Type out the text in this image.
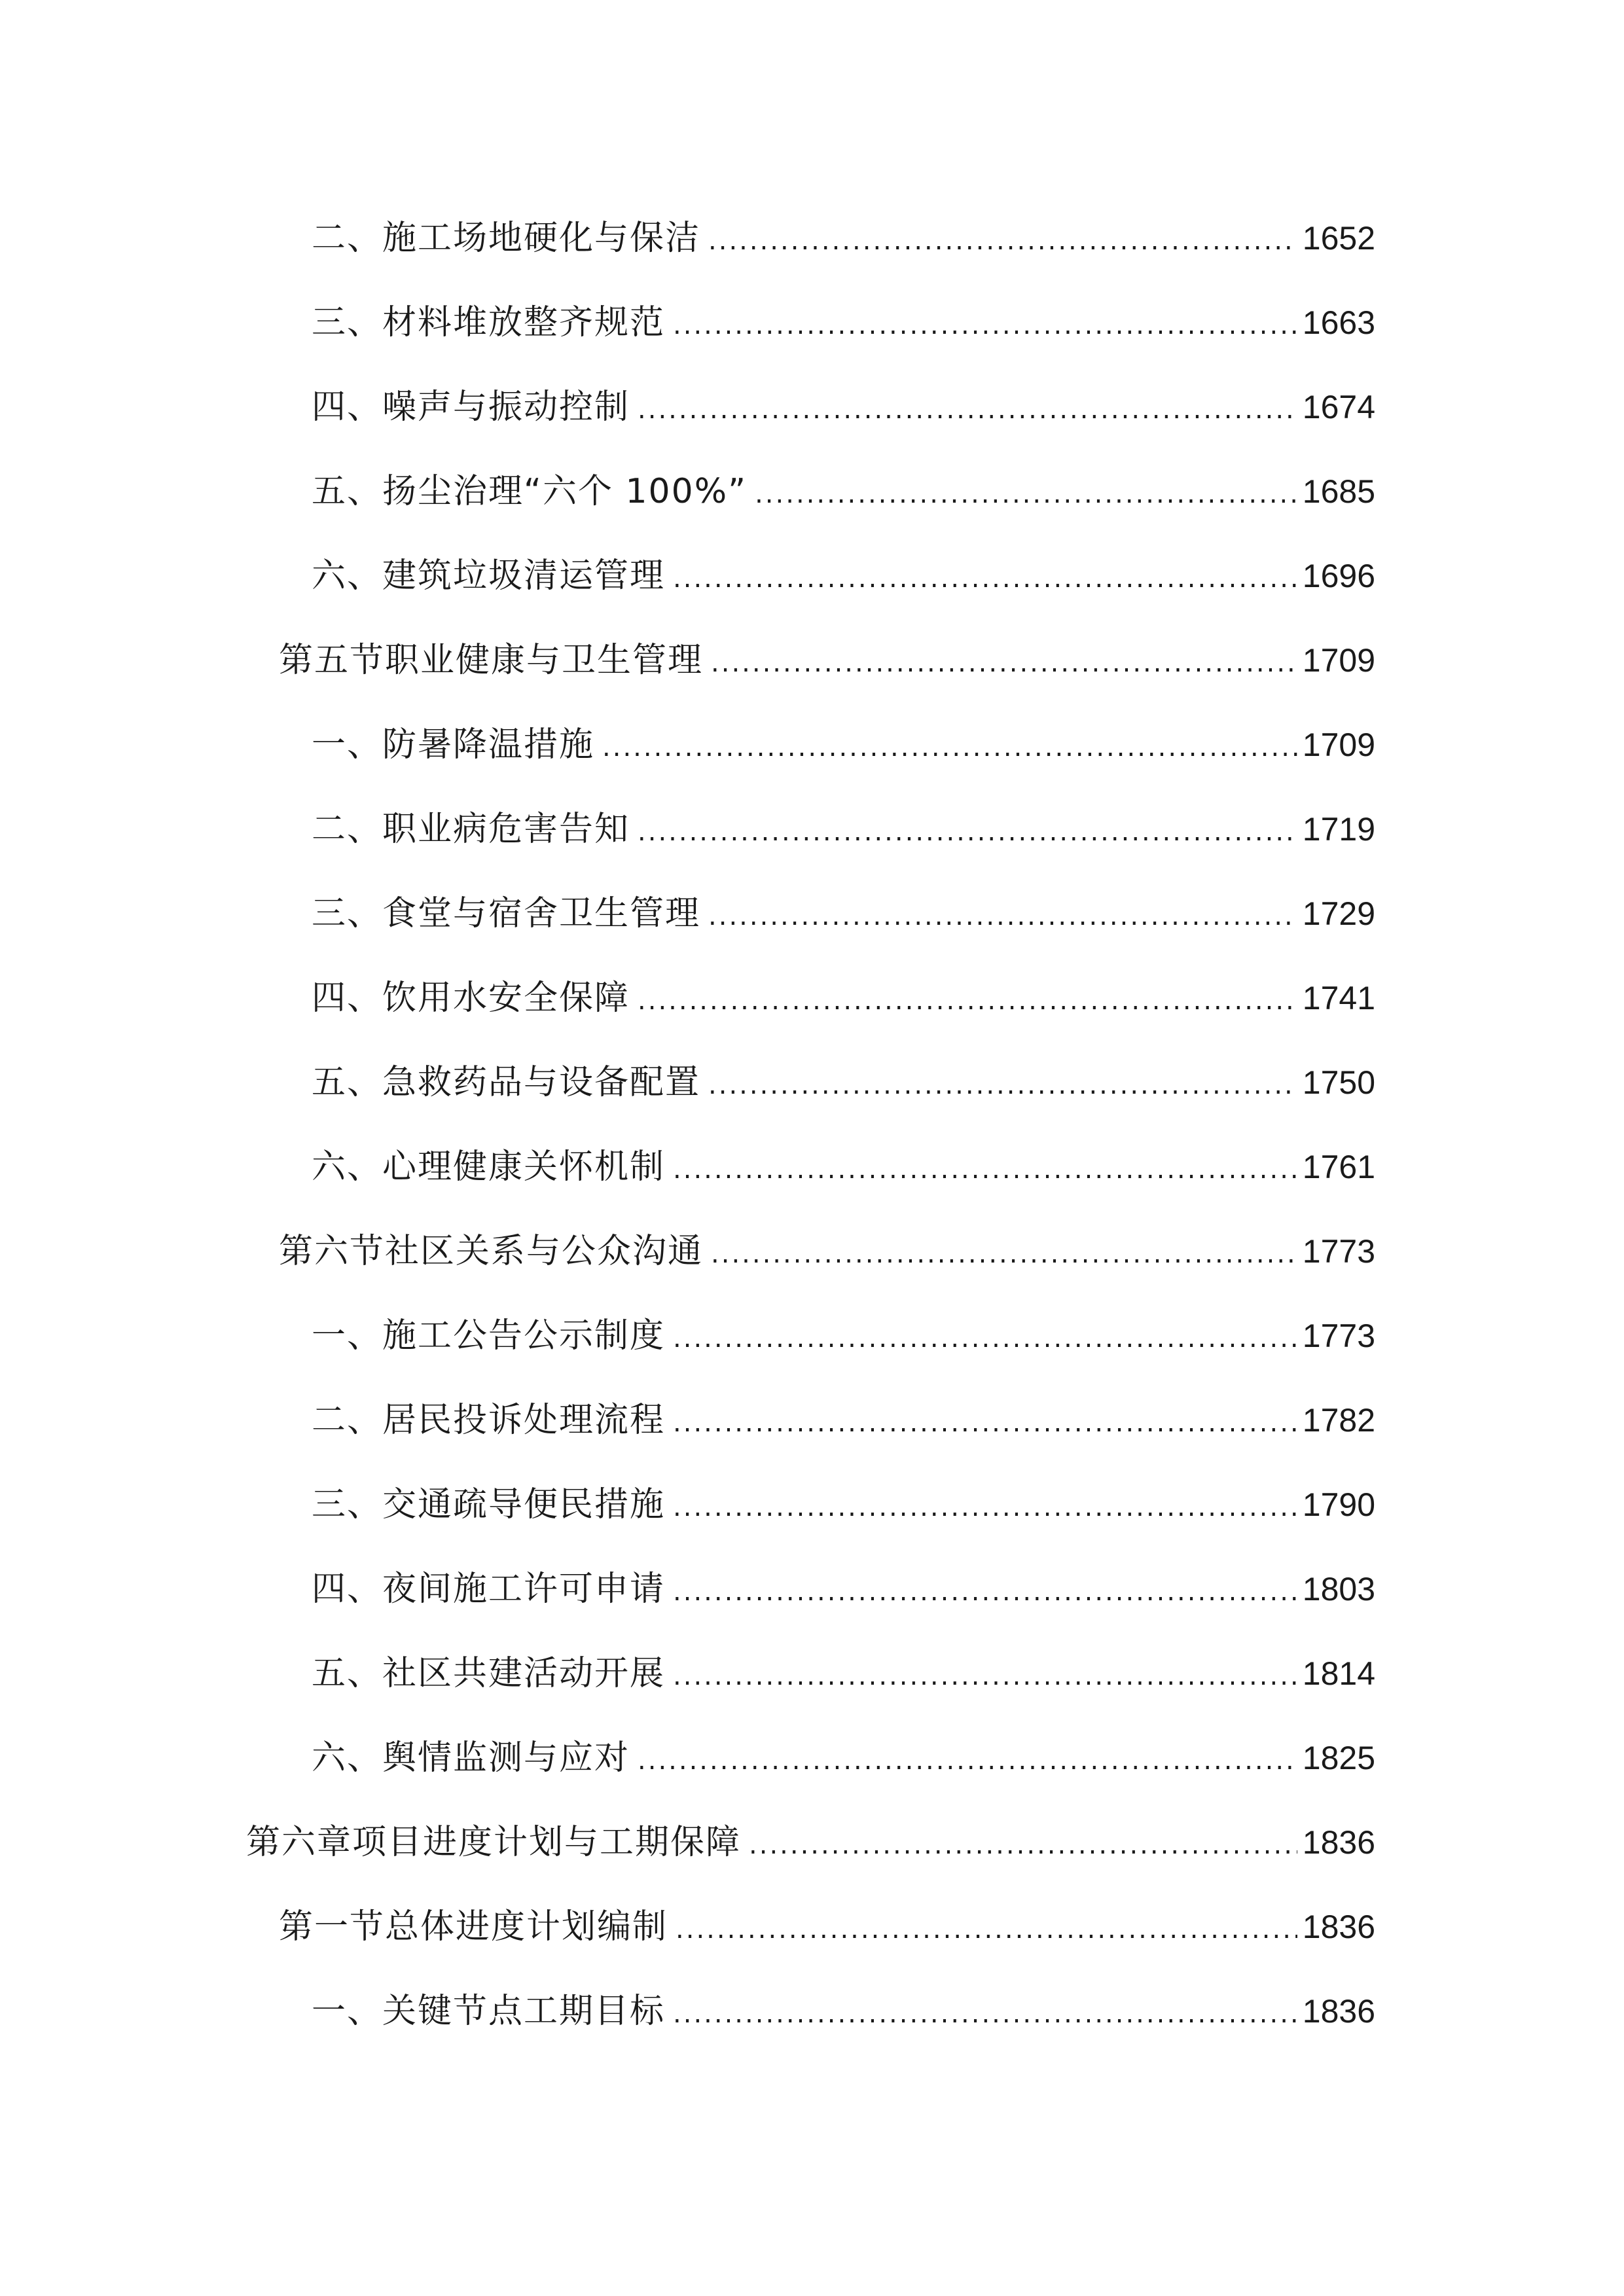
二、施工场地硬化与保洁 .....	1652
三、材料堆放整齐规范 .....	1663
四、噪声与振动控制 .....	1674
五、扬尘治理“六个 100%” .....	1685
六、建筑垃圾清运管理 .....	1696
第五节职业健康与卫生管理 .....	1709
一、防暑降温措施 .....	1709
二、职业病危害告知 .....	1719
三、食堂与宿舍卫生管理 .....	1729
四、饮用水安全保障 .....	1741
五、急救药品与设备配置 .....	1750
六、心理健康关怀机制 .....	1761
第六节社区关系与公众沟通 .....	1773
一、施工公告公示制度 .....	1773
二、居民投诉处理流程 .....	1782
三、交通疏导便民措施 .....	1790
四、夜间施工许可申请 .....	1803
五、社区共建活动开展 .....	1814
六、舆情监测与应对 .....	1825
第六章项目进度计划与工期保障 .....	1836
第一节总体进度计划编制 .....	1836
一、关键节点工期目标 .....	1836
